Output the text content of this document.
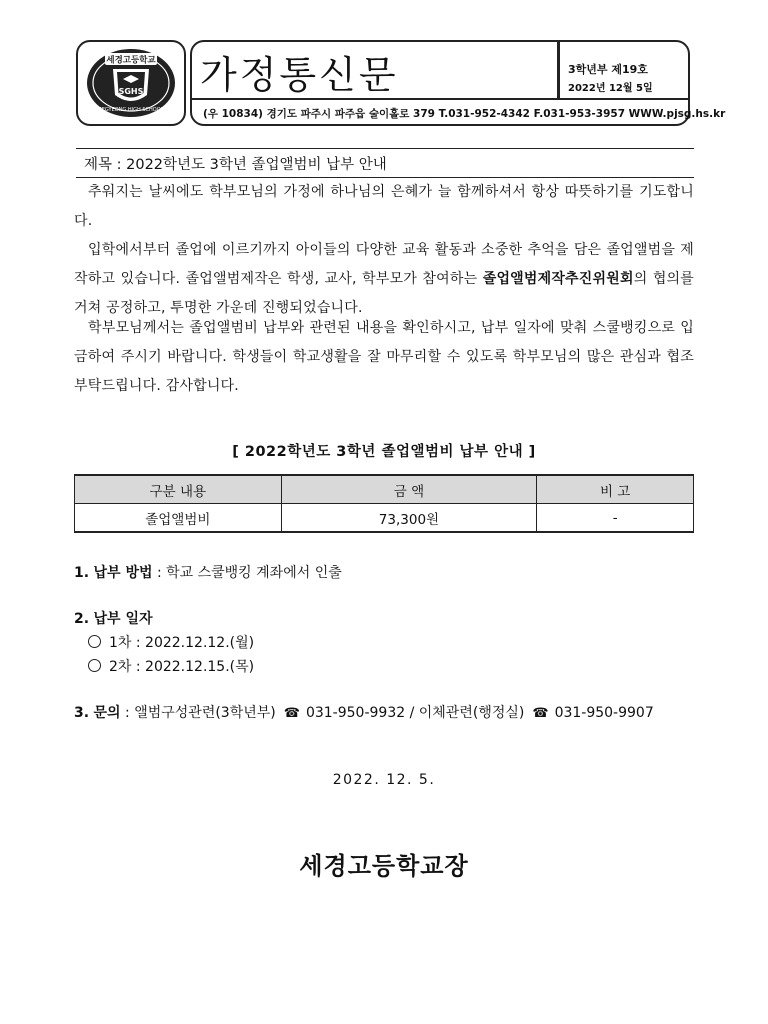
세경고등학교
SGHS
SEGYEONG HIGH SCHOOL
가정통신문	3학년부 제19호
2022년 12월 5일
(우 10834) 경기도 파주시 파주읍 술이홀로 379 T.031-952-4342 F.031-953-3957 WWW.pjsg.hs.kr
제목 : 2022학년도 3학년 졸업앨범비 납부 안내
추워지는 날씨에도 학부모님의 가정에 하나님의 은혜가 늘 함께하셔서 항상 따뜻하기를 기도합니다.
입학에서부터 졸업에 이르기까지 아이들의 다양한 교육 활동과 소중한 추억을 담은 졸업앨범을 제작하고 있습니다. 졸업앨범제작은 학생, 교사, 학부모가 참여하는 졸업앨범제작추진위원회의 협의를 거쳐 공정하고, 투명한 가운데 진행되었습니다.
학부모님께서는 졸업앨범비 납부와 관련된 내용을 확인하시고, 납부 일자에 맞춰 스쿨뱅킹으로 입금하여 주시기 바랍니다. 학생들이 학교생활을 잘 마무리할 수 있도록 학부모님의 많은 관심과 협조 부탁드립니다. 감사합니다.
[ 2022학년도 3학년 졸업앨범비 납부 안내 ]
구분 내용	금 액	비 고
졸업앨범비	73,300원	-
1. 납부 방법 : 학교 스쿨뱅킹 계좌에서 인출
2. 납부 일자
1차 : 2022.12.12.(월)
2차 : 2022.12.15.(목)
3. 문의 : 앨범구성관련(3학년부) ☎ 031-950-9932 / 이체관련(행정실) ☎ 031-950-9907
2022. 12. 5.
세경고등학교장
